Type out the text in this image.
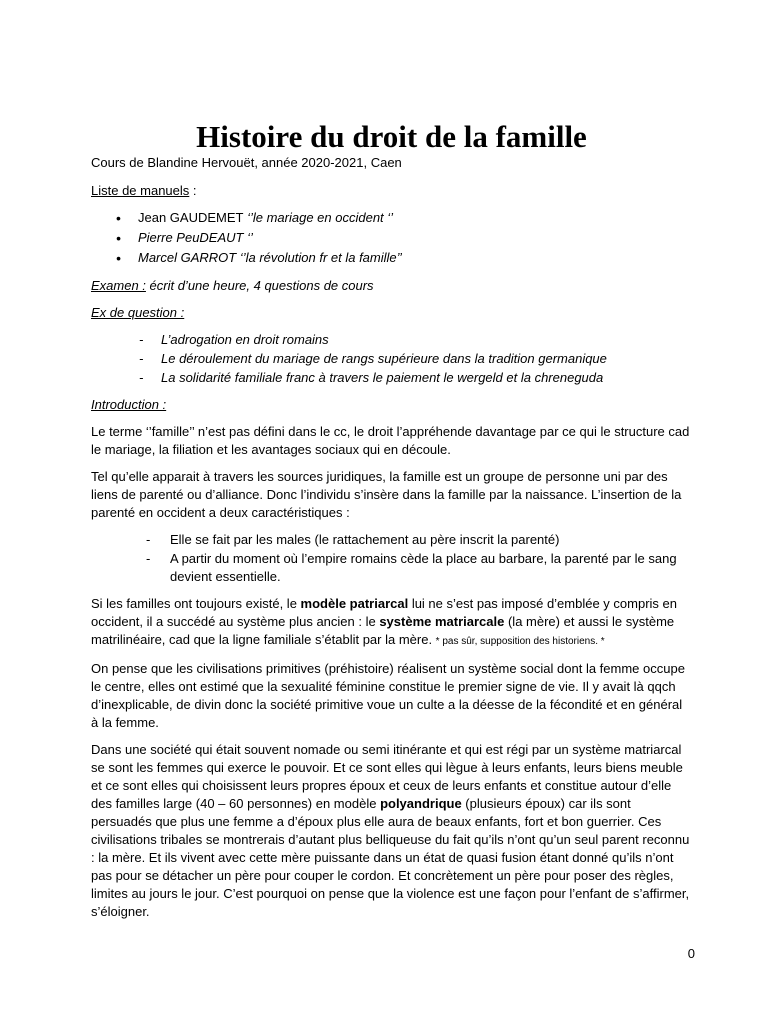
Histoire du droit de la famille

Cours de Blandine Hervouët, année 2020-2021, Caen

Liste de manuels :

• Jean GAUDEMET ‘’le mariage en occident ‘’
• Pierre PeuDEAUT ‘’
• Marcel GARROT ‘’la révolution fr et la famille’’

Examen : écrit d’une heure, 4 questions de cours

Ex de question :

- L’adrogation en droit romains
- Le déroulement du mariage de rangs supérieure dans la tradition germanique
- La solidarité familiale franc à travers le paiement le wergeld et la chreneguda

Introduction :

Le terme ‘’famille’’ n’est pas défini dans le cc, le droit l’appréhende davantage par ce qui le structure cad le mariage, la filiation et les avantages sociaux qui en découle.

Tel qu’elle apparait à travers les sources juridiques, la famille est un groupe de personne uni par des liens de parenté ou d’alliance. Donc l’individu s’insère dans la famille par la naissance. L’insertion de la parenté en occident a deux caractéristiques :

- Elle se fait par les males (le rattachement au père inscrit la parenté)
- A partir du moment où l’empire romains cède la place au barbare, la parenté par le sang devient essentielle.

Si les familles ont toujours existé, le modèle patriarcal lui ne s’est pas imposé d’emblée y compris en occident, il a succédé au système plus ancien : le système matriarcale (la mère) et aussi le système matrilinéaire, cad que la ligne familiale s’établit par la mère. * pas sûr, supposition des historiens. *

On pense que les civilisations primitives (préhistoire) réalisent un système social dont la femme occupe le centre, elles ont estimé que la sexualité féminine constitue le premier signe de vie. Il y avait là qqch d’inexplicable, de divin donc la société primitive voue un culte a la déesse de la fécondité et en général à la femme.

Dans une société qui était souvent nomade ou semi itinérante et qui est régi par un système matriarcal se sont les femmes qui exerce le pouvoir. Et ce sont elles qui lègue à leurs enfants, leurs biens meuble et ce sont elles qui choisissent leurs propres époux et ceux de leurs enfants et constitue autour d’elle des familles large (40 – 60 personnes) en modèle polyandrique (plusieurs époux) car ils sont persuadés que plus une femme a d’époux plus elle aura de beaux enfants, fort et bon guerrier. Ces civilisations tribales se montrerais d’autant plus belliqueuse du fait qu’ils n’ont qu’un seul parent reconnu : la mère. Et ils vivent avec cette mère puissante dans un état de quasi fusion étant donné qu’ils n’ont pas pour se détacher un père pour couper le cordon. Et concrètement un père pour poser des règles, limites au jours le jour. C’est pourquoi on pense que la violence est une façon pour l’enfant de s’affirmer, s’éloigner.

0
